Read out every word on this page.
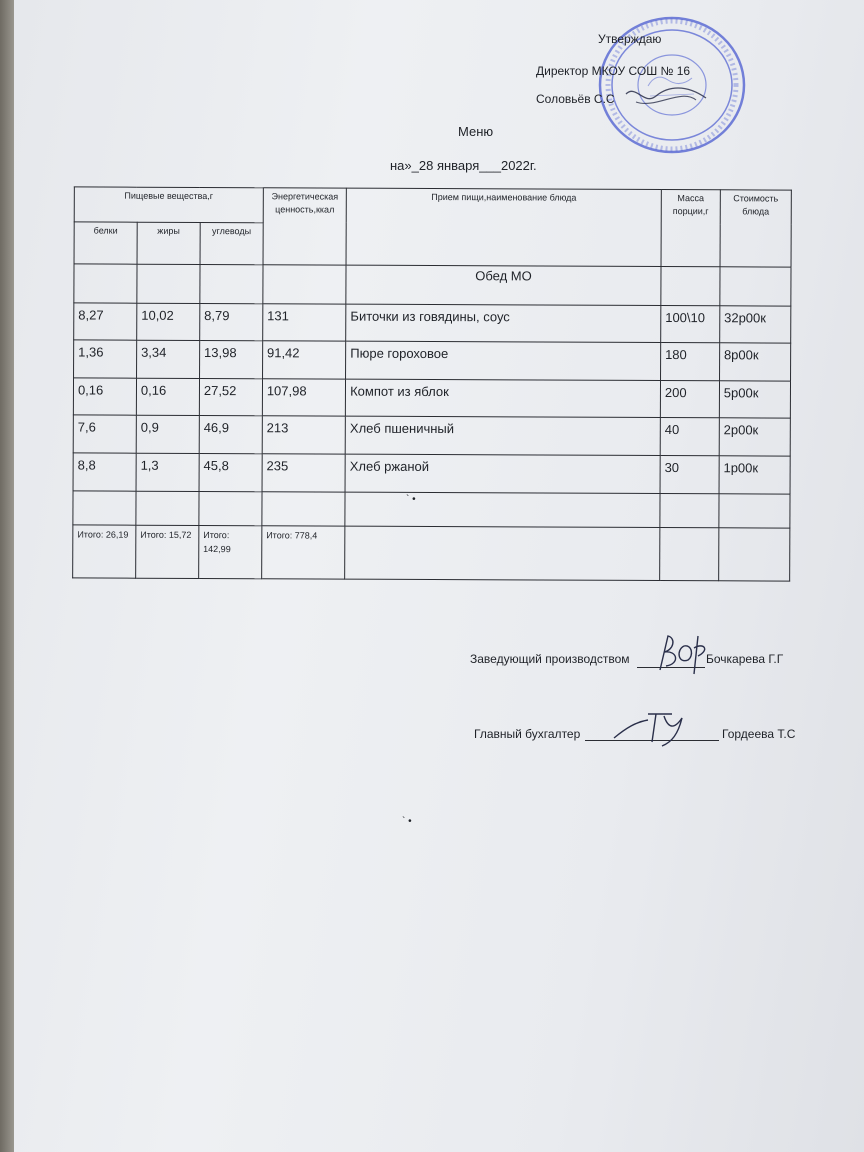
Утверждаю
Директор МКОУ СОШ № 16
Соловьёв С.С
Меню
на»_28 января___2022г.
Пищевые вещества,г			Энергетическая ценность,ккал	Прием пищи,наименование блюда	Масса порции,г	Стоимость блюда
белки	жиры	углеводы				
				Обед МО		
8,27	10,02	8,79	131	Биточки из говядины, соус	100\10	32р00к
1,36	3,34	13,98	91,42	Пюре гороховое	180	8р00к
0,16	0,16	27,52	107,98	Компот из яблок	200	5р00к
7,6	0,9	46,9	213	Хлеб пшеничный	40	2р00к
8,8	1,3	45,8	235	Хлеб ржаной	30	1р00к

Итого: 26,19	Итого: 15,72	Итого: 142,99	Итого: 778,4			
` •
Заведующий производством	Бочкарева Г.Г
Главный бухгалтер	Гордеева Т.С
` •
